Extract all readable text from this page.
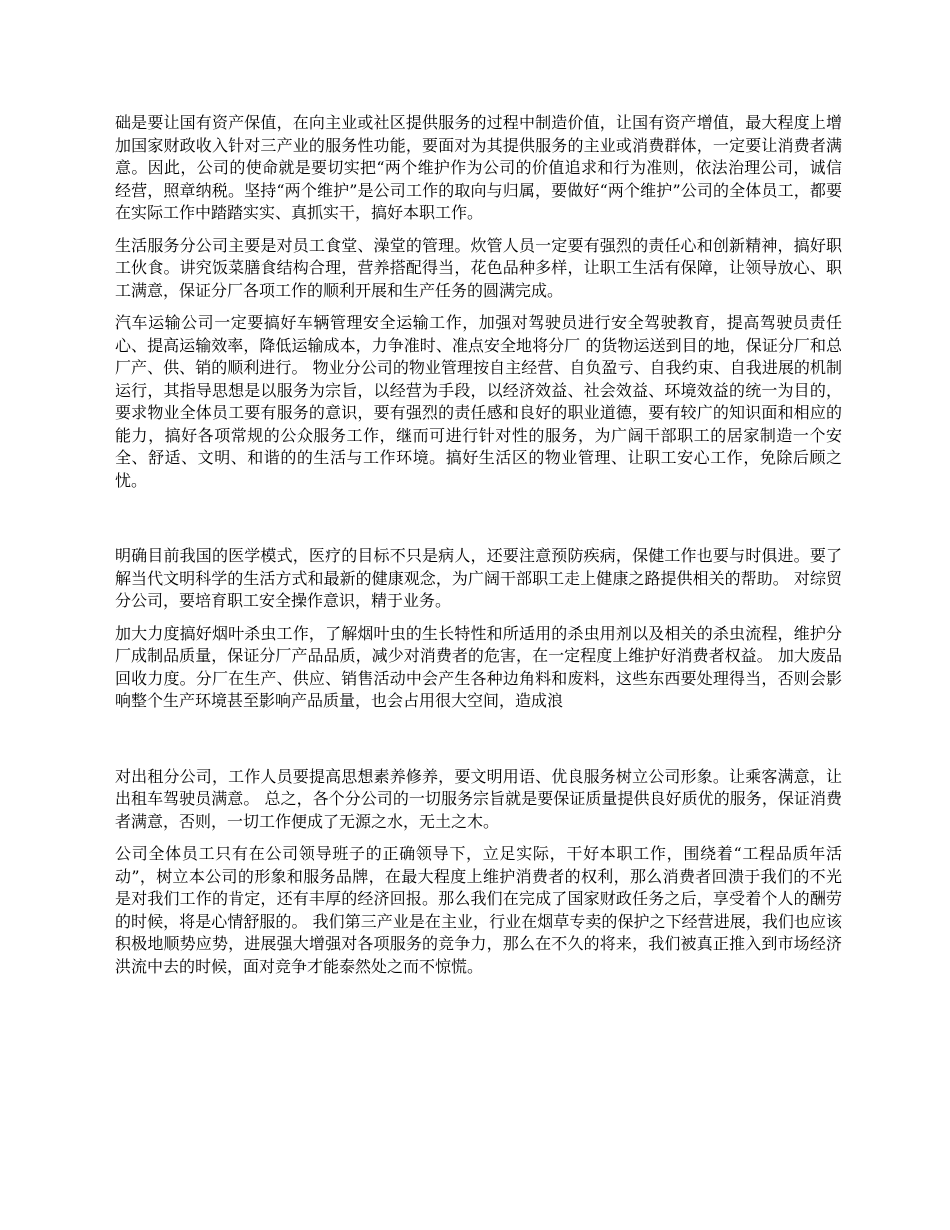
础是要让国有资产保值，在向主业或社区提供服务的过程中制造价值，让国有资产增值，最大程度上增加国家财政收入针对三产业的服务性功能，要面对为其提供服务的主业或消费群体，一定要让消费者满意。因此，公司的使命就是要切实把“两个维护作为公司的价值追求和行为准则，依法治理公司，诚信经营，照章纳税。坚持“两个维护”是公司工作的取向与归属，要做好“两个维护”公司的全体员工，都要在实际工作中踏踏实实、真抓实干，搞好本职工作。

生活服务分公司主要是对员工食堂、澡堂的管理。炊管人员一定要有强烈的责任心和创新精神，搞好职工伙食。讲究饭菜膳食结构合理，营养搭配得当，花色品种多样，让职工生活有保障，让领导放心、职工满意，保证分厂各项工作的顺利开展和生产任务的圆满完成。

汽车运输公司一定要搞好车辆管理安全运输工作，加强对驾驶员进行安全驾驶教育，提高驾驶员责任心、提高运输效率，降低运输成本，力争准时、准点安全地将分厂 的货物运送到目的地，保证分厂和总厂产、供、销的顺利进行。 物业分公司的物业管理按自主经营、自负盈亏、自我约束、自我进展的机制运行，其指导思想是以服务为宗旨，以经营为手段，以经济效益、社会效益、环境效益的统一为目的，要求物业全体员工要有服务的意识，要有强烈的责任感和良好的职业道德，要有较广的知识面和相应的能力，搞好各项常规的公众服务工作，继而可进行针对性的服务，为广阔干部职工的居家制造一个安全、舒适、文明、和谐的的生活与工作环境。搞好生活区的物业管理、让职工安心工作，免除后顾之忧。

明确目前我国的医学模式，医疗的目标不只是病人，还要注意预防疾病，保健工作也要与时俱进。要了解当代文明科学的生活方式和最新的健康观念，为广阔干部职工走上健康之路提供相关的帮助。 对综贸分公司，要培育职工安全操作意识，精于业务。

加大力度搞好烟叶杀虫工作，了解烟叶虫的生长特性和所适用的杀虫用剂以及相关的杀虫流程，维护分厂成制品质量，保证分厂产品品质，减少对消费者的危害，在一定程度上维护好消费者权益。 加大废品回收力度。分厂在生产、供应、销售活动中会产生各种边角料和废料，这些东西要处理得当，否则会影响整个生产环境甚至影响产品质量，也会占用很大空间，造成浪

对出租分公司，工作人员要提高思想素养修养，要文明用语、优良服务树立公司形象。让乘客满意，让出租车驾驶员满意。 总之，各个分公司的一切服务宗旨就是要保证质量提供良好质优的服务，保证消费者满意，否则，一切工作便成了无源之水，无土之木。

公司全体员工只有在公司领导班子的正确领导下，立足实际，干好本职工作，围绕着“工程品质年活动”，树立本公司的形象和服务品牌，在最大程度上维护消费者的权利，那么消费者回溃于我们的不光是对我们工作的肯定，还有丰厚的经济回报。那么我们在完成了国家财政任务之后，享受着个人的酬劳的时候，将是心情舒服的。 我们第三产业是在主业，行业在烟草专卖的保护之下经营进展，我们也应该积极地顺势应势，进展强大增强对各项服务的竞争力，那么在不久的将来，我们被真正推入到市场经济洪流中去的时候，面对竞争才能泰然处之而不惊慌。
